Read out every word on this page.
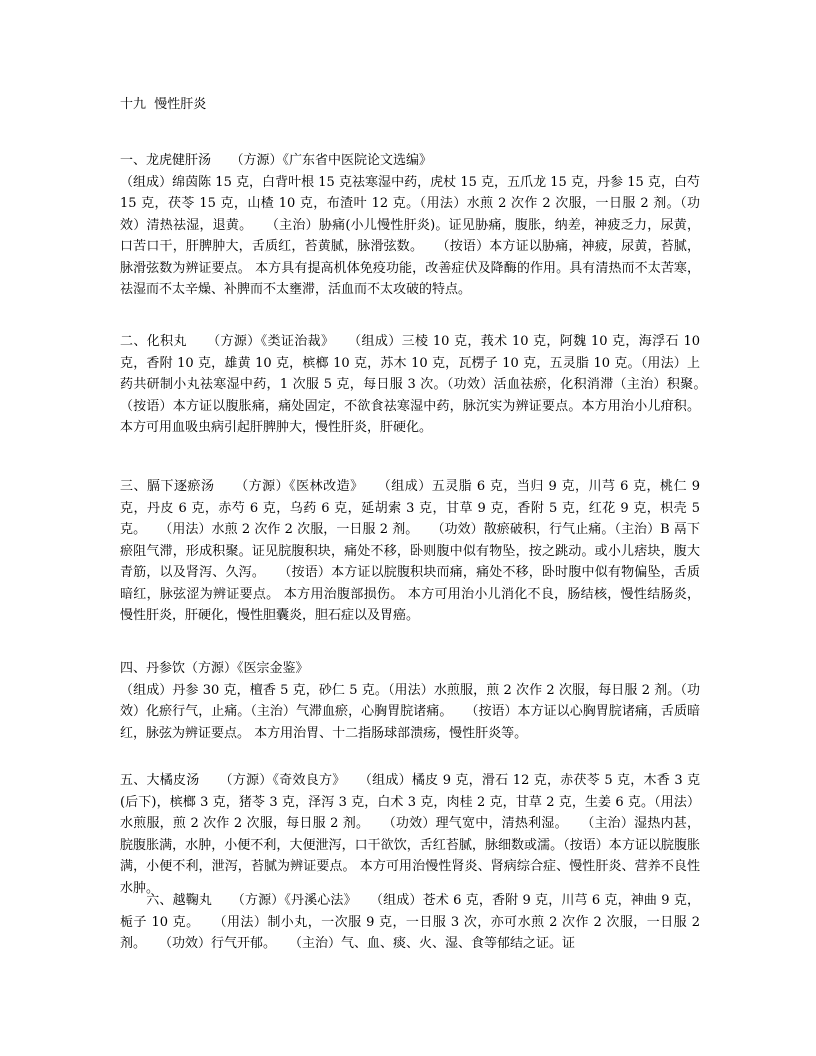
十九  慢性肝炎

一、龙虎健肝汤　　（方源）《广东省中医院论文选编》
（组成）绵茵陈 15 克，白背叶根 15 克祛寒湿中药，虎杖 15 克，五爪龙 15 克，丹参 15 克，白芍 15 克，茯苓 15 克，山楂 10 克，布渣叶 12 克。（用法）水煎 2 次作 2 次服，一日服 2 剂。（功效）清热祛湿，退黄。　　（主治）胁痛(小儿慢性肝炎)。证见胁痛，腹胀，纳差，神疲乏力，尿黄，口苦口干，肝脾肿大，舌质红，苔黄腻，脉滑弦数。　　（按语）本方证以胁痛，神疲，尿黄，苔腻，脉滑弦数为辨证要点。 本方具有提高机体免疫功能，改善症伏及降酶的作用。具有清热而不太苦寒，祛湿而不太辛燥、补脾而不太壅滞，活血而不太攻破的特点。

二、化积丸　　（方源）《类证治裁》　　（组成）三棱 10 克，莪术 10 克，阿魏 10 克，海浮石 10 克，香附 10 克，雄黄 10 克，槟榔 10 克，苏木 10 克，瓦楞子 10 克，五灵脂 10 克。（用法）上药共研制小丸祛寒湿中药，1 次服 5 克，每日服 3 次。（功效）活血祛瘀，化积消滞（主治）积聚。　　（按语）本方证以腹胀痛，痛处固定，不欲食祛寒湿中药，脉沉实为辨证要点。本方用治小儿疳积。 本方可用血吸虫病引起肝脾肿大，慢性肝炎，肝硬化。

三、膈下逐瘀汤　　（方源）《医林改造》　　（组成）五灵脂 6 克，当归 9 克，川芎 6 克，桃仁 9 克，丹皮 6 克，赤芍 6 克，乌药 6 克，延胡索 3 克，甘草 9 克，香附 5 克，红花 9 克，枳壳 5 克。　　（用法）水煎 2 次作 2 次服，一日服 2 剂。　　（功效）散瘀破积，行气止痛。（主治）B 鬲下瘀阻气滞，形成积聚。证见脘腹积块，痛处不移，卧则腹中似有物坠，按之跳动。或小儿痞块，腹大青筋，以及肾泻、久泻。　　（按语）本方证以脘腹积块而痛，痛处不移，卧时腹中似有物偏坠，舌质暗红，脉弦涩为辨证要点。 本方用治腹部损伤。 本方可用治小儿消化不良，肠结核，慢性结肠炎，慢性肝炎，肝硬化，慢性胆囊炎，胆石症以及胃癌。

四、丹参饮（方源）《医宗金鉴》
（组成）丹参 30 克，檀香 5 克，砂仁 5 克。（用法）水煎服，煎 2 次作 2 次服，每日服 2 剂。（功效）化瘀行气，止痛。（主治）气滞血瘀，心胸胃脘诸痛。　　（按语）本方证以心胸胃脘诸痛，舌质暗红，脉弦为辨证要点。 本方用治胃、十二指肠球部溃疡，慢性肝炎等。

五、大橘皮汤　　（方源）《奇效良方》　　（组成）橘皮 9 克，滑石 12 克，赤茯苓 5 克，木香 3 克(后下)，槟榔 3 克，猪苓 3 克，泽泻 3 克，白术 3 克，肉桂 2 克，甘草 2 克，生姜 6 克。（用法）水煎服，煎 2 次作 2 次服，每日服 2 剂。　　（功效）理气宽中，清热利湿。　　（主治）湿热内甚，脘腹胀满，水肿，小便不利，大便泄泻，口干欲饮，舌红苔腻，脉细数或濡。（按语）本方证以脘腹胀满，小便不利，泄泻，苔腻为辨证要点。 本方可用治慢性肾炎、肾病综合症、慢性肝炎、营养不良性水肿。

　　六、越鞠丸　　（方源）《丹溪心法》　　（组成）苍术 6 克，香附 9 克，川芎 6 克，神曲 9 克，栀子 10 克。　　（用法）制小丸，一次服 9 克，一日服 3 次，亦可水煎 2 次作 2 次服，一日服 2 剂。　　（功效）行气开郁。　　（主治）气、血、痰、火、湿、食等郁结之证。证
